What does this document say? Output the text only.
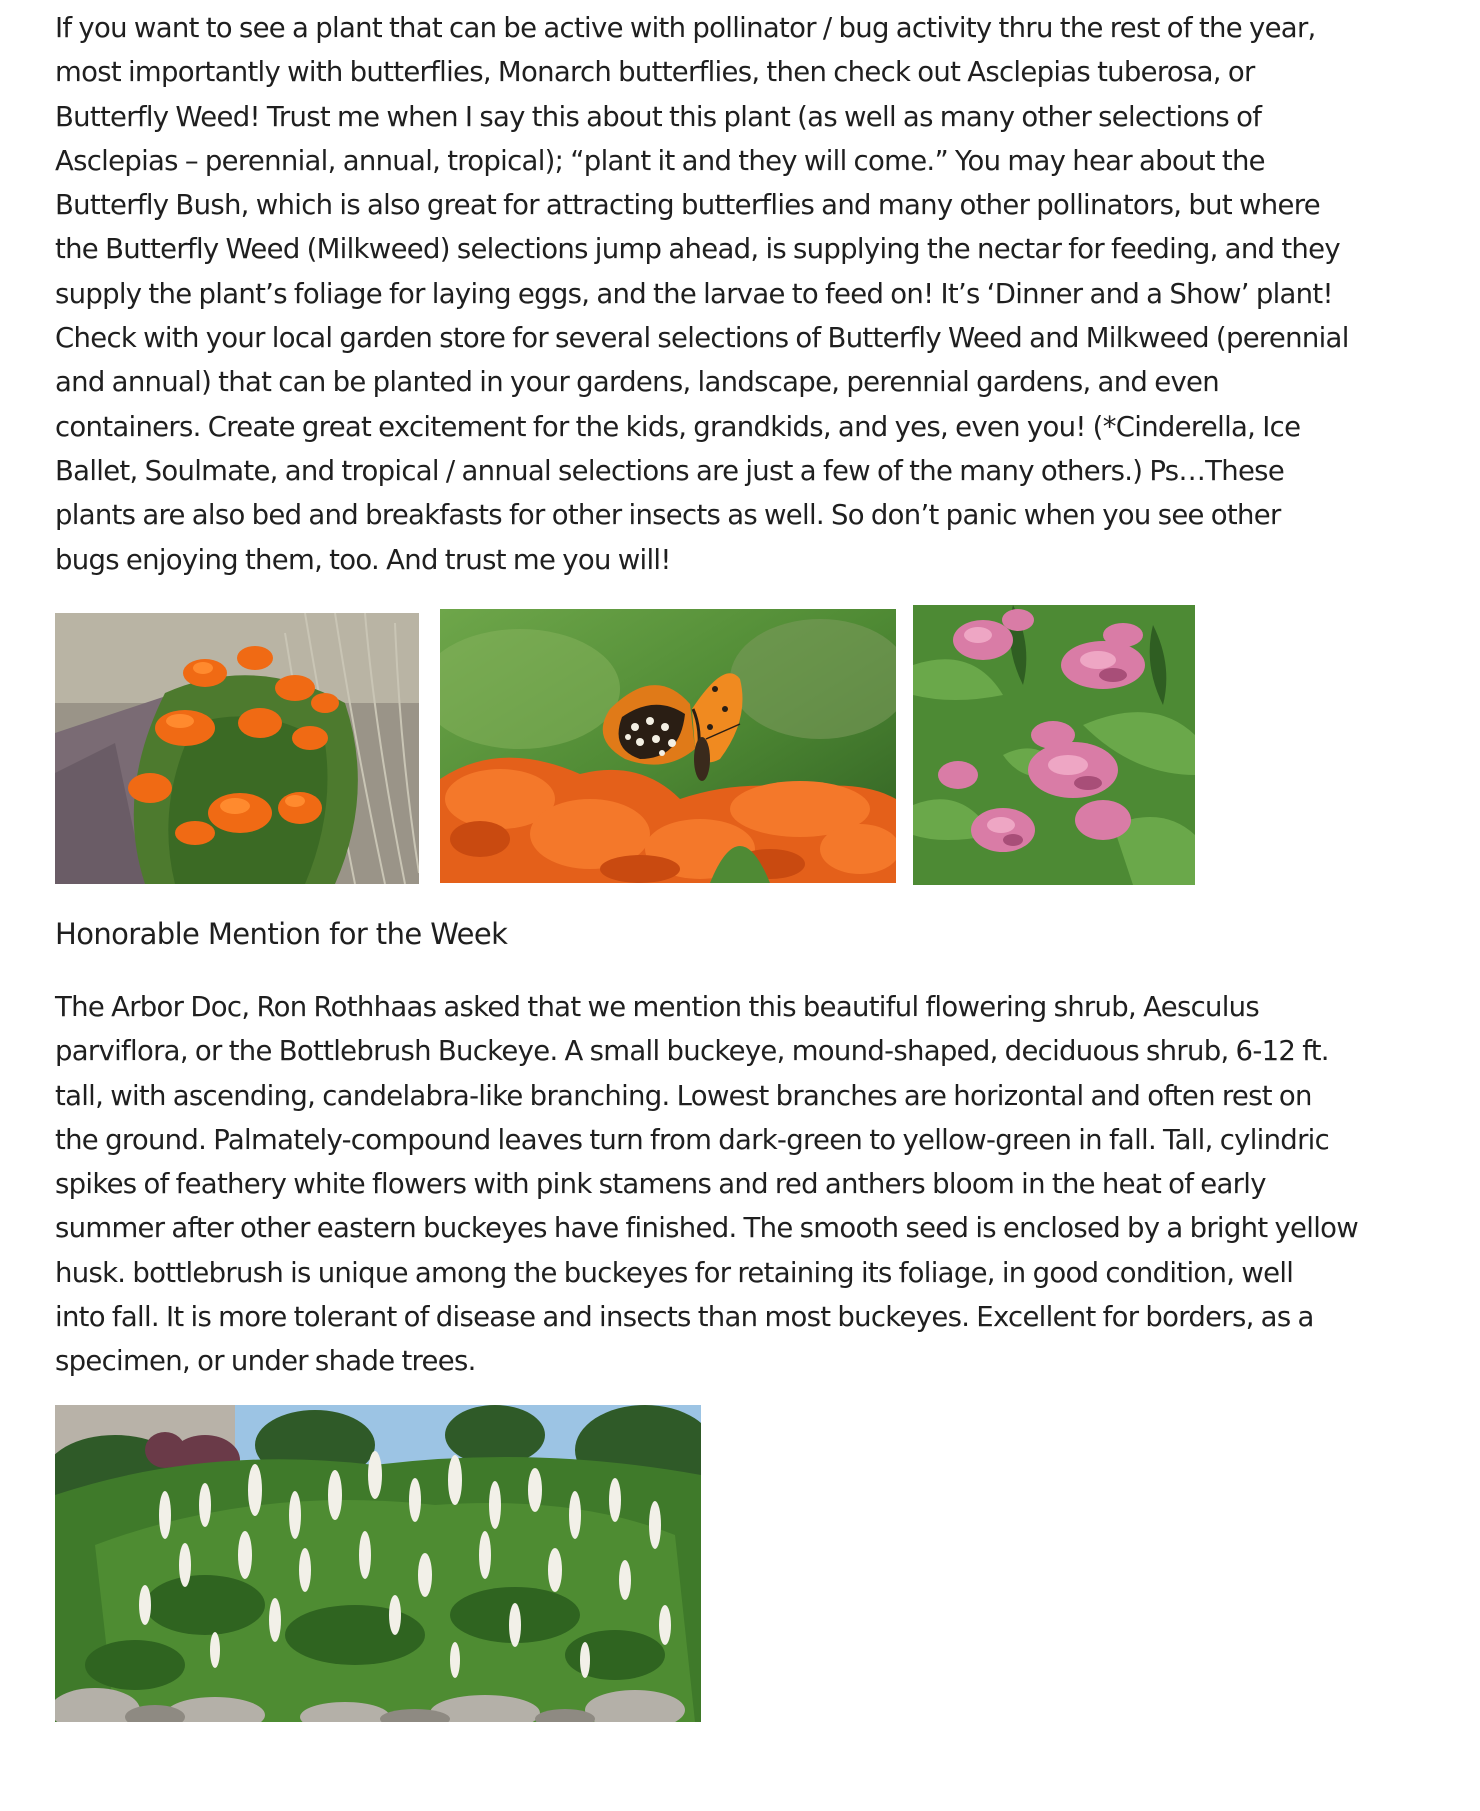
If you want to see a plant that can be active with pollinator / bug activity thru the rest of the year,
most importantly with butterflies, Monarch butterflies, then check out Asclepias tuberosa, or
Butterfly Weed! Trust me when I say this about this plant (as well as many other selections of
Asclepias – perennial, annual, tropical); “plant it and they will come.” You may hear about the
Butterfly Bush, which is also great for attracting butterflies and many other pollinators, but where
the Butterfly Weed (Milkweed) selections jump ahead, is supplying the nectar for feeding, and they
supply the plant’s foliage for laying eggs, and the larvae to feed on! It’s ‘Dinner and a Show’ plant!
Check with your local garden store for several selections of Butterfly Weed and Milkweed (perennial
and annual) that can be planted in your gardens, landscape, perennial gardens, and even
containers. Create great excitement for the kids, grandkids, and yes, even you! (*Cinderella, Ice
Ballet, Soulmate, and tropical / annual selections are just a few of the many others.) Ps…These
plants are also bed and breakfasts for other insects as well. So don’t panic when you see other
bugs enjoying them, too. And trust me you will!

Honorable Mention for the Week

The Arbor Doc, Ron Rothhaas asked that we mention this beautiful flowering shrub, Aesculus
parviflora, or the Bottlebrush Buckeye. A small buckeye, mound-shaped, deciduous shrub, 6-12 ft.
tall, with ascending, candelabra-like branching. Lowest branches are horizontal and often rest on
the ground. Palmately-compound leaves turn from dark-green to yellow-green in fall. Tall, cylindric
spikes of feathery white flowers with pink stamens and red anthers bloom in the heat of early
summer after other eastern buckeyes have finished. The smooth seed is enclosed by a bright yellow
husk. bottlebrush is unique among the buckeyes for retaining its foliage, in good condition, well
into fall. It is more tolerant of disease and insects than most buckeyes. Excellent for borders, as a
specimen, or under shade trees.
